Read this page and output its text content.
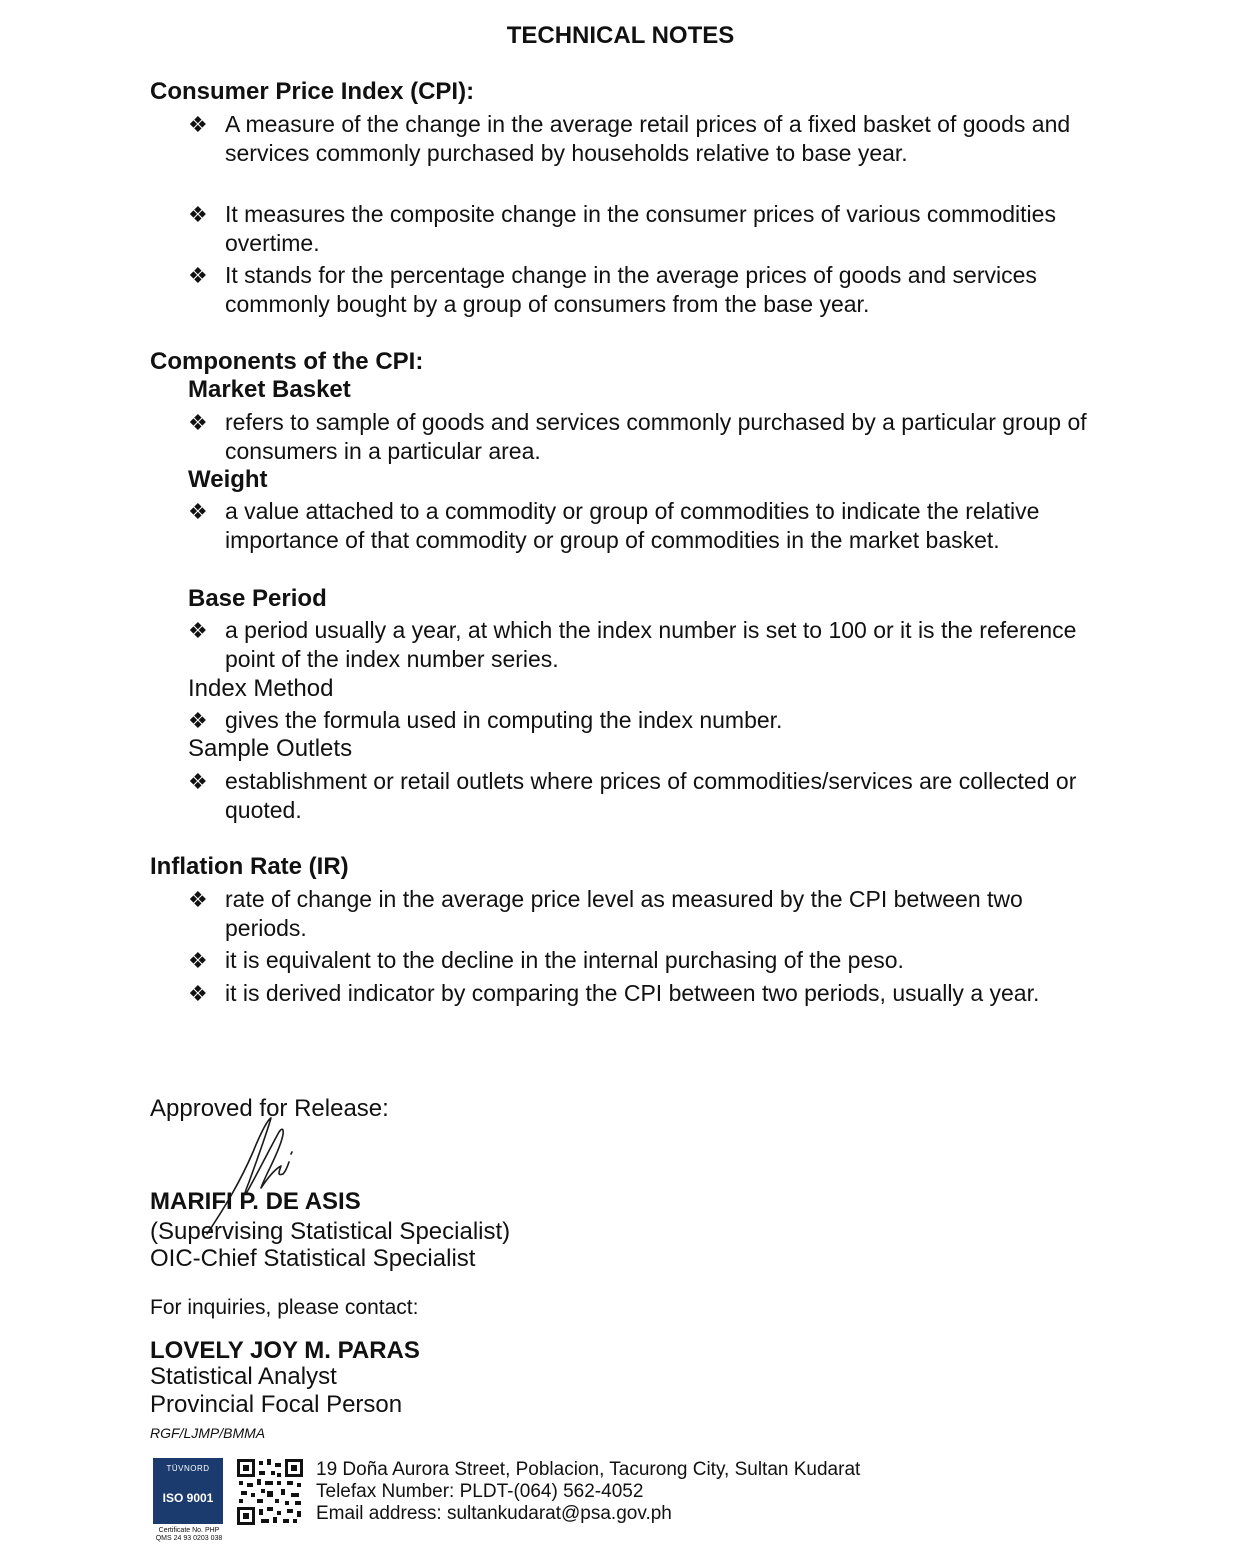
TECHNICAL NOTES

Consumer Price Index (CPI):

❖ A measure of the change in the average retail prices of a fixed basket of goods and services commonly purchased by households relative to base year.
❖ It measures the composite change in the consumer prices of various commodities overtime.
❖ It stands for the percentage change in the average prices of goods and services commonly bought by a group of consumers from the base year.

Components of the CPI:

Market Basket

❖ refers to sample of goods and services commonly purchased by a particular group of consumers in a particular area.

Weight

❖ a value attached to a commodity or group of commodities to indicate the relative importance of that commodity or group of commodities in the market basket.

Base Period

❖ a period usually a year, at which the index number is set to 100 or it is the reference point of the index number series.

Index Method

❖ gives the formula used in computing the index number.

Sample Outlets

❖ establishment or retail outlets where prices of commodities/services are collected or quoted.

Inflation Rate (IR)

❖ rate of change in the average price level as measured by the CPI between two periods.
❖ it is equivalent to the decline in the internal purchasing of the peso.
❖ it is derived indicator by comparing the CPI between two periods, usually a year.

Approved for Release:

MARIFI P. DE ASIS

(Supervising Statistical Specialist)

OIC-Chief Statistical Specialist

For inquiries, please contact:

LOVELY JOY M. PARAS

Statistical Analyst

Provincial Focal Person

RGF/LJMP/BMMA

TÜVNORD
ISO 9001
Certificate No. PHP
QMS 24 93 0203 038

19 Doña Aurora Street, Poblacion, Tacurong City, Sultan Kudarat

Telefax Number: PLDT-(064) 562-4052

Email address: sultankudarat@psa.gov.ph
